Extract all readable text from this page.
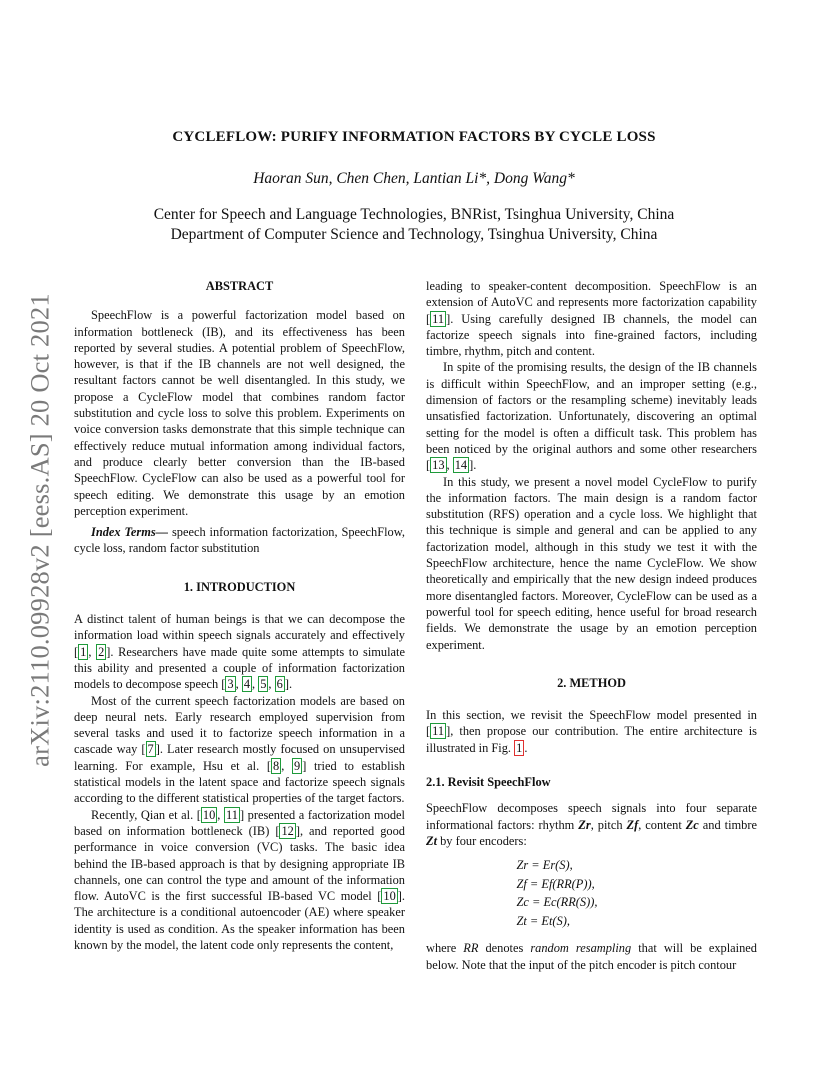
arXiv:2110.09928v2 [eess.AS] 20 Oct 2021
CYCLEFLOW: PURIFY INFORMATION FACTORS BY CYCLE LOSS
Haoran Sun, Chen Chen, Lantian Li*, Dong Wang*
Center for Speech and Language Technologies, BNRist, Tsinghua University, China
Department of Computer Science and Technology, Tsinghua University, China
ABSTRACT

SpeechFlow is a powerful factorization model based on information bottleneck (IB), and its effectiveness has been reported by several studies. A potential problem of SpeechFlow, however, is that if the IB channels are not well designed, the resultant factors cannot be well disentangled. In this study, we propose a CycleFlow model that combines random factor substitution and cycle loss to solve this problem. Experiments on voice conversion tasks demonstrate that this simple technique can effectively reduce mutual information among individual factors, and produce clearly better conversion than the IB-based SpeechFlow. CycleFlow can also be used as a powerful tool for speech editing. We demonstrate this usage by an emotion perception experiment.

Index Terms— speech information factorization, SpeechFlow, cycle loss, random factor substitution

1. INTRODUCTION

A distinct talent of human beings is that we can decompose the information load within speech signals accurately and effectively [ 1 , 2 ]. Researchers have made quite some attempts to simulate this ability and presented a couple of information factorization models to decompose speech [ 3 , 4 , 5 , 6 ].

Most of the current speech factorization models are based on deep neural nets. Early research employed supervision from several tasks and used it to factorize speech information in a cascade way [ 7 ]. Later research mostly focused on unsupervised learning. For example, Hsu et al. [ 8 , 9 ] tried to establish statistical models in the latent space and factorize speech signals according to the different statistical properties of the target factors.

Recently, Qian et al. [ 10 , 11 ] presented a factorization model based on information bottleneck (IB) [ 12 ], and reported good performance in voice conversion (VC) tasks. The basic idea behind the IB-based approach is that by designing appropriate IB channels, one can control the type and amount of the information flow. AutoVC is the first successful IB-based VC model [ 10 ]. The architecture is a conditional autoencoder (AE) where speaker identity is used as condition. As the speaker information has been known by the model, the latent code only represents the content,

leading to speaker-content decomposition. SpeechFlow is an extension of AutoVC and represents more factorization capability [ 11 ]. Using carefully designed IB channels, the model can factorize speech signals into fine-grained factors, including timbre, rhythm, pitch and content.

In spite of the promising results, the design of the IB channels is difficult within SpeechFlow, and an improper setting (e.g., dimension of factors or the resampling scheme) inevitably leads unsatisfied factorization. Unfortunately, discovering an optimal setting for the model is often a difficult task. This problem has been noticed by the original authors and some other researchers [ 13 , 14 ].

In this study, we present a novel model CycleFlow to purify the information factors. The main design is a random factor substitution (RFS) operation and a cycle loss. We highlight that this technique is simple and general and can be applied to any factorization model, although in this study we test it with the SpeechFlow architecture, hence the name CycleFlow. We show theoretically and empirically that the new design indeed produces more disentangled factors. Moreover, CycleFlow can be used as a powerful tool for speech editing, hence useful for broad research fields. We demonstrate the usage by an emotion perception experiment.

2. METHOD

In this section, we revisit the SpeechFlow model presented in [ 11 ], then propose our contribution. The entire architecture is illustrated in Fig. 1 .

2.1. Revisit SpeechFlow

SpeechFlow decomposes speech signals into four separate informational factors: rhythm Zr, pitch Zf, content Zc and timbre Zt by four encoders:

Zr = Er(S),
Zf = Ef(RR(P)),
Zc = Ec(RR(S)),
Zt = Et(S),

where RR denotes random resampling that will be explained below. Note that the input of the pitch encoder is pitch contour
